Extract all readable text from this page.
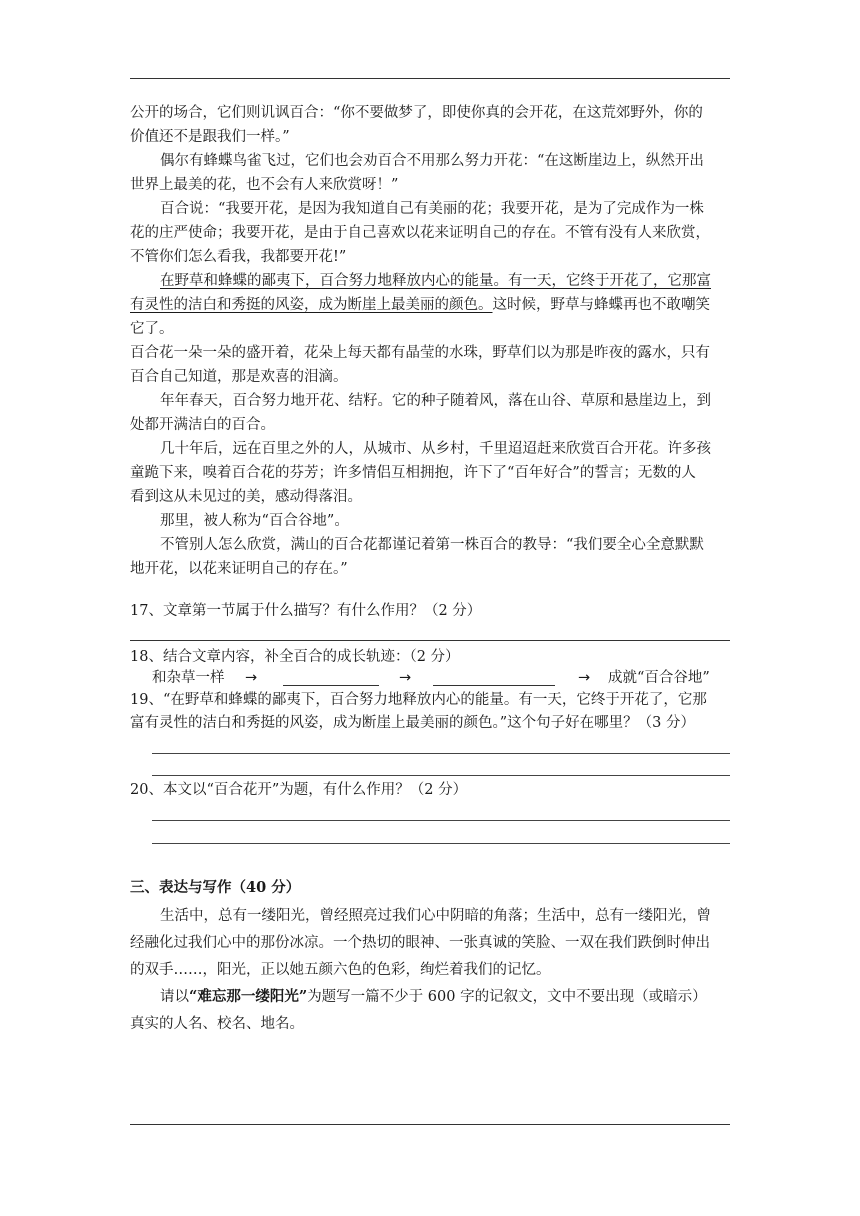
公开的场合，它们则讥讽百合：“你不要做梦了，即使你真的会开花，在这荒郊野外，你的
价值还不是跟我们一样。”
偶尔有蜂蝶鸟雀飞过，它们也会劝百合不用那么努力开花：“在这断崖边上，纵然开出
世界上最美的花，也不会有人来欣赏呀！”
百合说：“我要开花，是因为我知道自己有美丽的花；我要开花，是为了完成作为一株
花的庄严使命；我要开花，是由于自己喜欢以花来证明自己的存在。不管有没有人来欣赏，
不管你们怎么看我，我都要开花!”
在野草和蜂蝶的鄙夷下，百合努力地释放内心的能量。有一天，它终于开花了，它那富
有灵性的洁白和秀挺的风姿，成为断崖上最美丽的颜色。这时候，野草与蜂蝶再也不敢嘲笑
它了。
百合花一朵一朵的盛开着，花朵上每天都有晶莹的水珠，野草们以为那是昨夜的露水，只有
百合自己知道，那是欢喜的泪滴。
年年春天，百合努力地开花、结籽。它的种子随着风，落在山谷、草原和悬崖边上，到
处都开满洁白的百合。
几十年后，远在百里之外的人，从城市、从乡村，千里迢迢赶来欣赏百合开花。许多孩
童跪下来，嗅着百合花的芬芳；许多情侣互相拥抱，许下了“百年好合”的誓言；无数的人
看到这从未见过的美，感动得落泪。
那里，被人称为“百合谷地”。
不管别人怎么欣赏，满山的百合花都谨记着第一株百合的教导：“我们要全心全意默默
地开花，以花来证明自己的存在。”
17、文章第一节属于什么描写？有什么作用？（2 分）
18、结合文章内容，补全百合的成长轨迹：（2 分）
和杂草一样 →	→	→ 成就“百合谷地”
19、“在野草和蜂蝶的鄙夷下，百合努力地释放内心的能量。有一天，它终于开花了，它那
富有灵性的洁白和秀挺的风姿，成为断崖上最美丽的颜色。”这个句子好在哪里？（3 分）
20、本文以“百合花开”为题，有什么作用？（2 分）
三、表达与写作（40 分）
生活中，总有一缕阳光，曾经照亮过我们心中阴暗的角落；生活中，总有一缕阳光，曾
经融化过我们心中的那份冰凉。一个热切的眼神、一张真诚的笑脸、一双在我们跌倒时伸出
的双手……，阳光，正以她五颜六色的色彩，绚烂着我们的记忆。
请以“难忘那一缕阳光”为题写一篇不少于 600 字的记叙文，文中不要出现（或暗示）
真实的人名、校名、地名。
